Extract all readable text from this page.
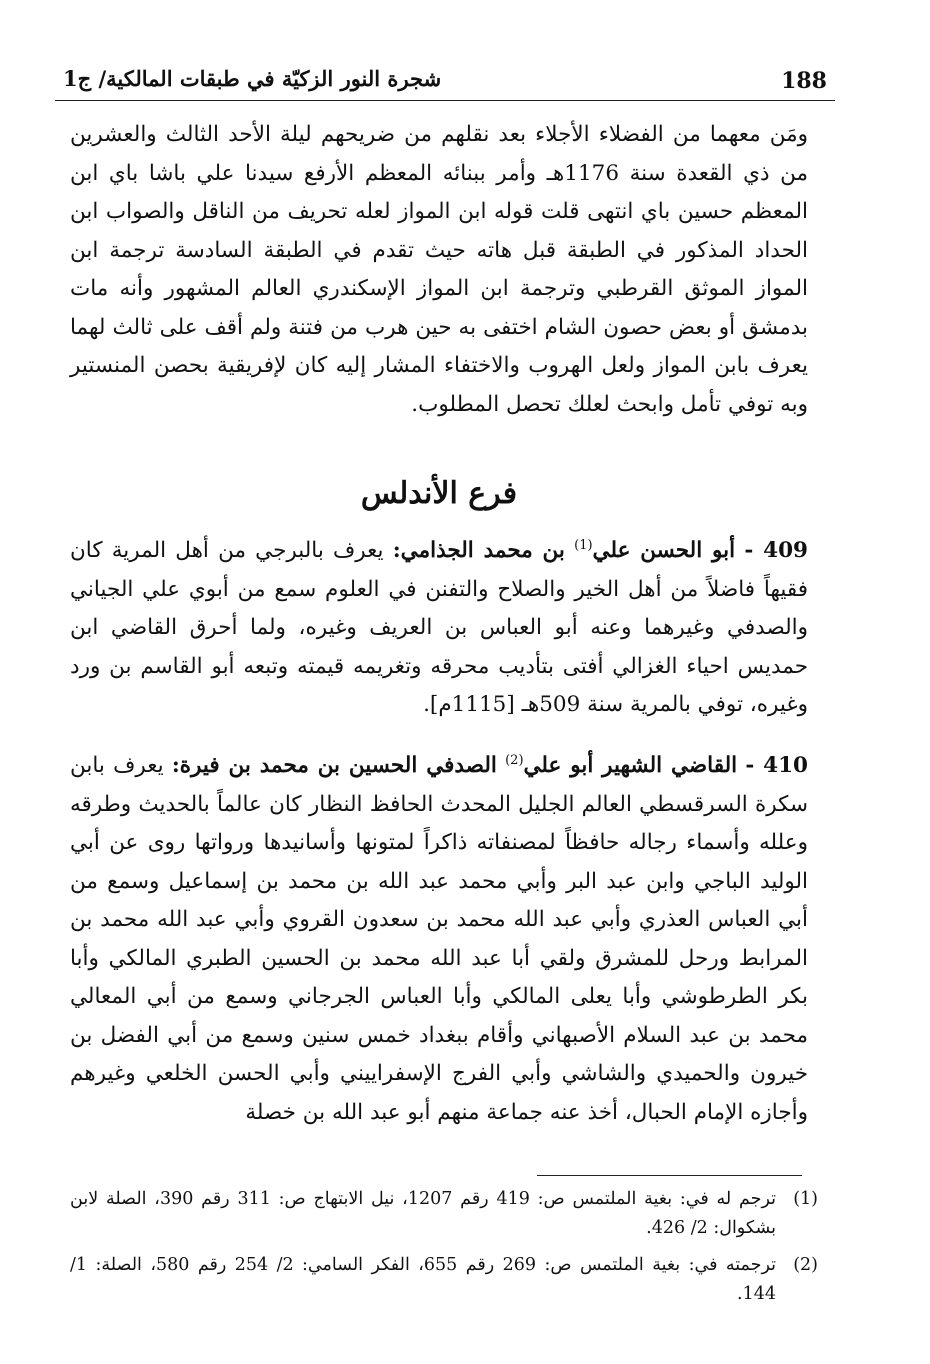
188
شجرة النور الزكيّة في طبقات المالكية/ ج1
ومَن معهما من الفضلاء الأجلاء بعد نقلهم من ضريحهم ليلة الأحد الثالث والعشرين من ذي القعدة سنة 1176هـ وأمر ببنائه المعظم الأرفع سيدنا علي باشا باي ابن المعظم حسين باي انتهى قلت قوله ابن المواز لعله تحريف من الناقل والصواب ابن الحداد المذكور في الطبقة قبل هاته حيث تقدم في الطبقة السادسة ترجمة ابن المواز الموثق القرطبي وترجمة ابن المواز الإسكندري العالم المشهور وأنه مات بدمشق أو بعض حصون الشام اختفى به حين هرب من فتنة ولم أقف على ثالث لهما يعرف بابن المواز ولعل الهروب والاختفاء المشار إليه كان لإفريقية بحصن المنستير وبه توفي تأمل وابحث لعلك تحصل المطلوب.
فرع الأندلس
409 - أبو الحسن علي$^{(1)}$ بن محمد الجذامي: يعرف بالبرجي من أهل المرية كان فقيهاً فاضلاً من أهل الخير والصلاح والتفنن في العلوم سمع من أبوي علي الجياني والصدفي وغيرهما وعنه أبو العباس بن العريف وغيره، ولما أحرق القاضي ابن حمديس احياء الغزالي أفتى بتأديب محرقه وتغريمه قيمته وتبعه أبو القاسم بن ورد وغيره، توفي بالمرية سنة 509هـ [1115م].
410 - القاضي الشهير أبو علي$^{(2)}$ الصدفي الحسين بن محمد بن فيرة: يعرف بابن سكرة السرقسطي العالم الجليل المحدث الحافظ النظار كان عالماً بالحديث وطرقه وعلله وأسماء رجاله حافظاً لمصنفاته ذاكراً لمتونها وأسانيدها ورواتها روى عن أبي الوليد الباجي وابن عبد البر وأبي محمد عبد الله بن محمد بن إسماعيل وسمع من أبي العباس العذري وأبي عبد الله محمد بن سعدون القروي وأبي عبد الله محمد بن المرابط ورحل للمشرق ولقي أبا عبد الله محمد بن الحسين الطبري المالكي وأبا بكر الطرطوشي وأبا يعلى المالكي وأبا العباس الجرجاني وسمع من أبي المعالي محمد بن عبد السلام الأصبهاني وأقام ببغداد خمس سنين وسمع من أبي الفضل بن خيرون والحميدي والشاشي وأبي الفرج الإسفراييني وأبي الحسن الخلعي وغيرهم وأجازه الإمام الحبال، أخذ عنه جماعة منهم أبو عبد الله بن خصلة
(1)
ترجم له في: بغية الملتمس ص: 419 رقم 1207، نيل الابتهاج ص: 311 رقم 390، الصلة لابن بشكوال: 2/ 426.
(2)
ترجمته في: بغية الملتمس ص: 269 رقم 655، الفكر السامي: 2/ 254 رقم 580، الصلة: 1/ 144.
